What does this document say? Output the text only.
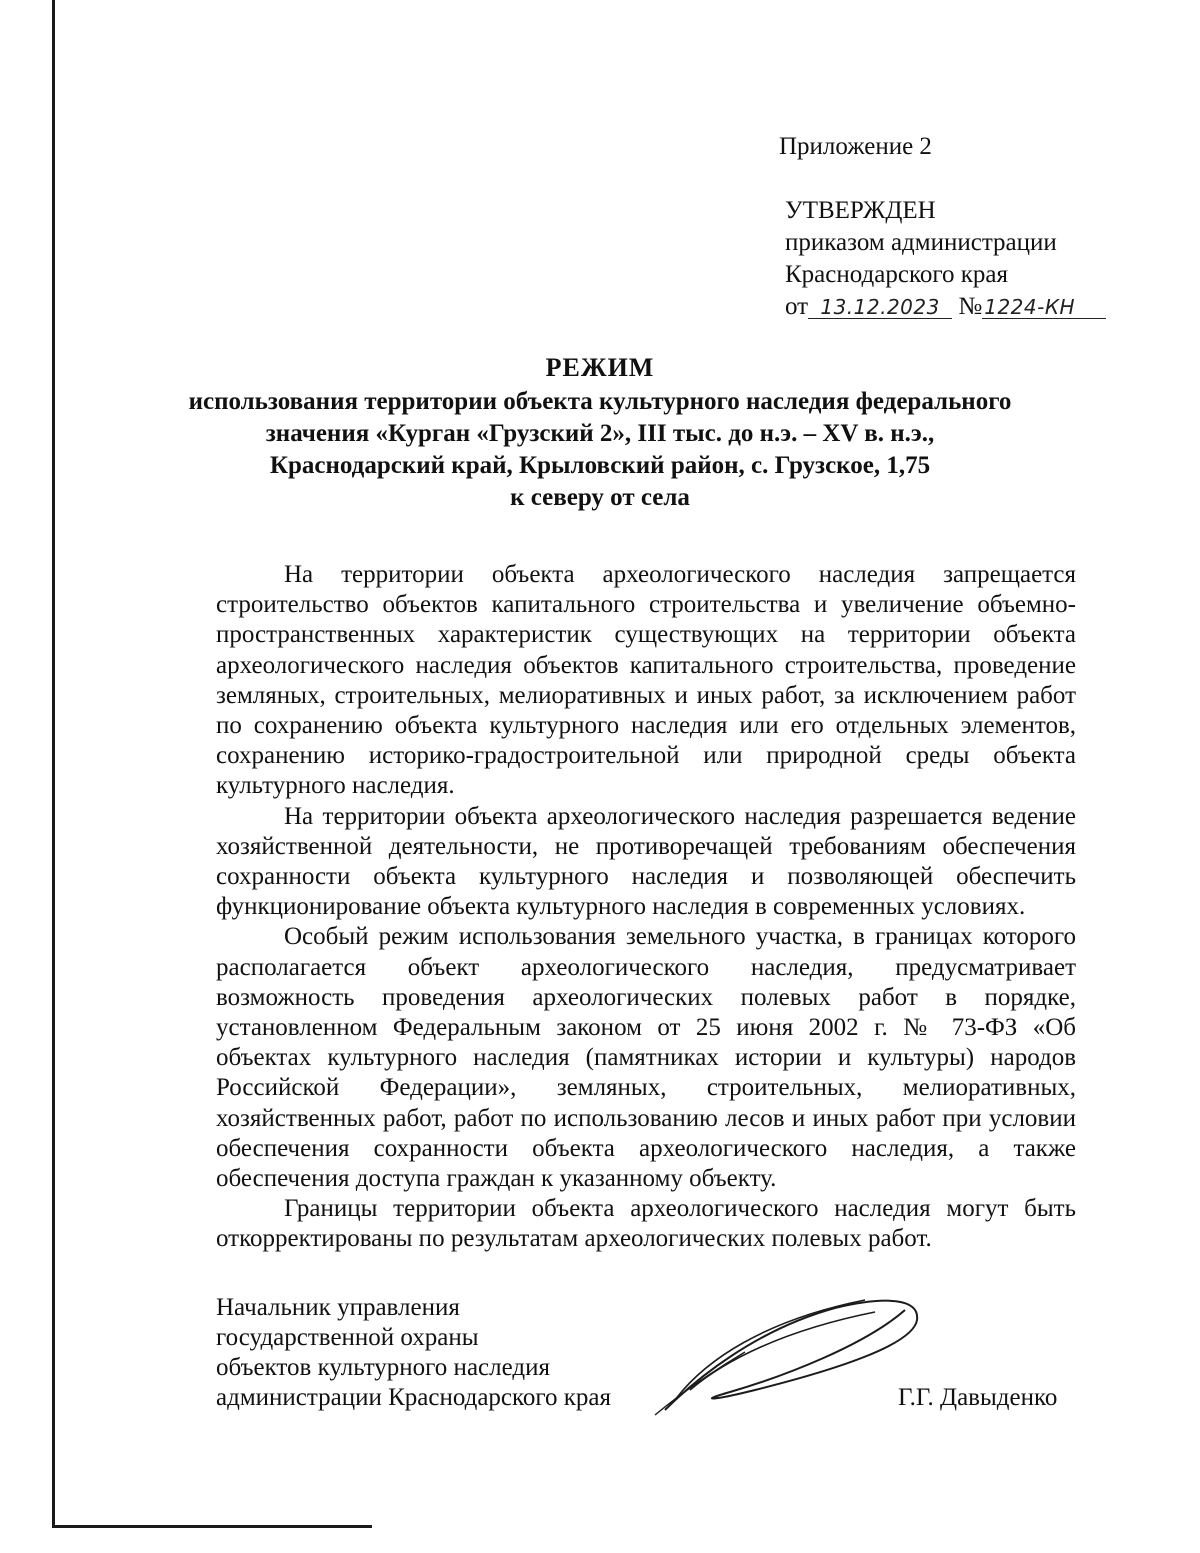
Приложение 2
УТВЕРЖДЕН
приказом администрации
Краснодарского края
от 13.12.2023 № 1224-КН
РЕЖИМ
использования территории объекта культурного наследия федерального
значения «Курган «Грузский 2», III тыс. до н.э. – XV в. н.э.,
Краснодарский край, Крыловский район, с. Грузское, 1,75
к северу от села

На территории объекта археологического наследия запрещается строительство объектов капитального строительства и увеличение объемно-пространственных характеристик существующих на территории объекта археологического наследия объектов капитального строительства, проведение земляных, строительных, мелиоративных и иных работ, за исключением работ по сохранению объекта культурного наследия или его отдельных элементов, сохранению историко-градостроительной или природной среды объекта культурного наследия.

На территории объекта археологического наследия разрешается ведение хозяйственной деятельности, не противоречащей требованиям обеспечения сохранности объекта культурного наследия и позволяющей обеспечить функционирование объекта культурного наследия в современных условиях.

Особый режим использования земельного участка, в границах которого располагается объект археологического наследия, предусматривает возможность проведения археологических полевых работ в порядке, установленном Федеральным законом от 25 июня 2002 г. № 73-ФЗ «Об объектах культурного наследия (памятниках истории и культуры) народов Российской Федерации», земляных, строительных, мелиоративных, хозяйственных работ, работ по использованию лесов и иных работ при условии обеспечения сохранности объекта археологического наследия, а также обеспечения доступа граждан к указанному объекту.

Границы территории объекта археологического наследия могут быть откорректированы по результатам археологических полевых работ.

Начальник управления
государственной охраны
объектов культурного наследия
администрации Краснодарского края	Г.Г. Давыденко
